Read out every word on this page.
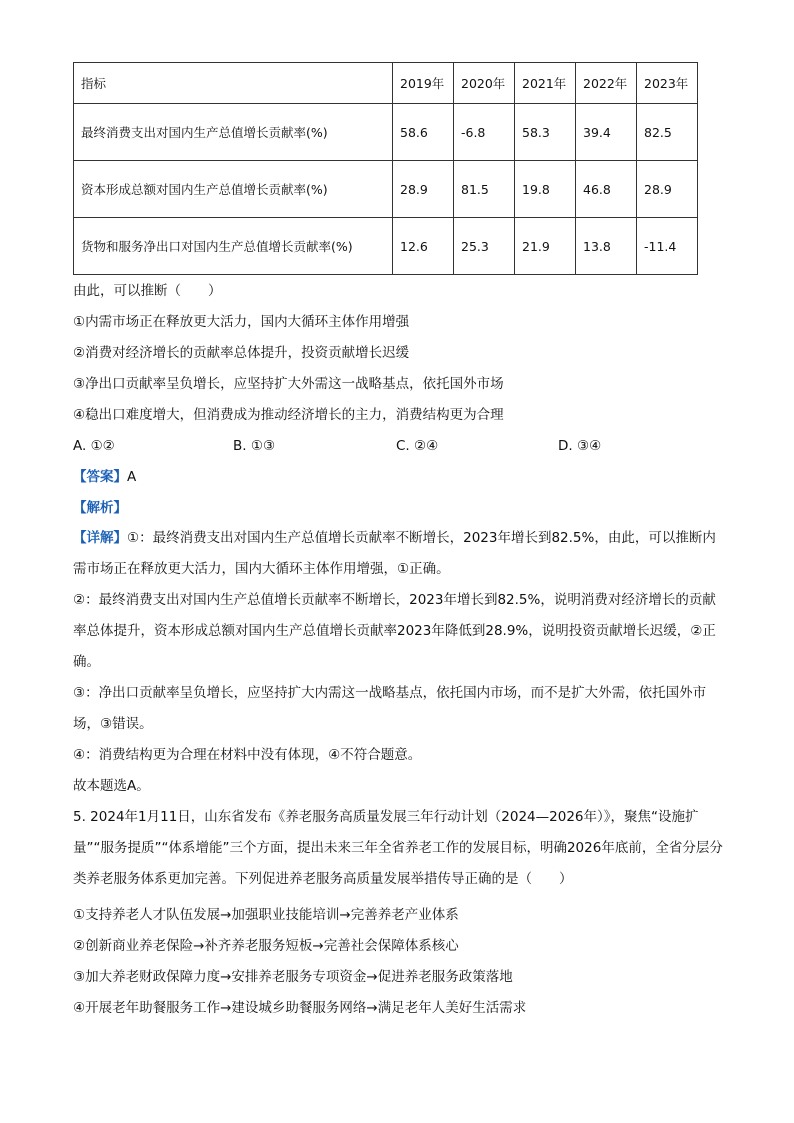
指标	2019年	2020年	2021年	2022年	2023年
最终消费支出对国内生产总值增长贡献率(%)	58.6	-6.8	58.3	39.4	82.5
资本形成总额对国内生产总值增长贡献率(%)	28.9	81.5	19.8	46.8	28.9
货物和服务净出口对国内生产总值增长贡献率(%)	12.6	25.3	21.9	13.8	-11.4
由此，可以推断（　　）
①内需市场正在释放更大活力，国内大循环主体作用增强
②消费对经济增长的贡献率总体提升，投资贡献增长迟缓
③净出口贡献率呈负增长，应坚持扩大外需这一战略基点，依托国外市场
④稳出口难度增大，但消费成为推动经济增长的主力，消费结构更为合理
A. ①②	B. ①③	C. ②④	D. ③④
【答案】A
【解析】
【详解】①：最终消费支出对国内生产总值增长贡献率不断增长，2023年增长到82.5%，由此，可以推断内需市场正在释放更大活力，国内大循环主体作用增强，①正确。
②：最终消费支出对国内生产总值增长贡献率不断增长，2023年增长到82.5%，说明消费对经济增长的贡献率总体提升，资本形成总额对国内生产总值增长贡献率2023年降低到28.9%，说明投资贡献增长迟缓，②正确。
③：净出口贡献率呈负增长，应坚持扩大内需这一战略基点，依托国内市场，而不是扩大外需，依托国外市场，③错误。
④：消费结构更为合理在材料中没有体现，④不符合题意。
故本题选A。
5. 2024年1月11日，山东省发布《养老服务高质量发展三年行动计划（2024—2026年）》，聚焦“设施扩量”“服务提质”“体系增能”三个方面，提出未来三年全省养老工作的发展目标，明确2026年底前，全省分层分类养老服务体系更加完善。下列促进养老服务高质量发展举措传导正确的是（　　）
①支持养老人才队伍发展→加强职业技能培训→完善养老产业体系
②创新商业养老保险→补齐养老服务短板→完善社会保障体系核心
③加大养老财政保障力度→安排养老服务专项资金→促进养老服务政策落地
④开展老年助餐服务工作→建设城乡助餐服务网络→满足老年人美好生活需求
